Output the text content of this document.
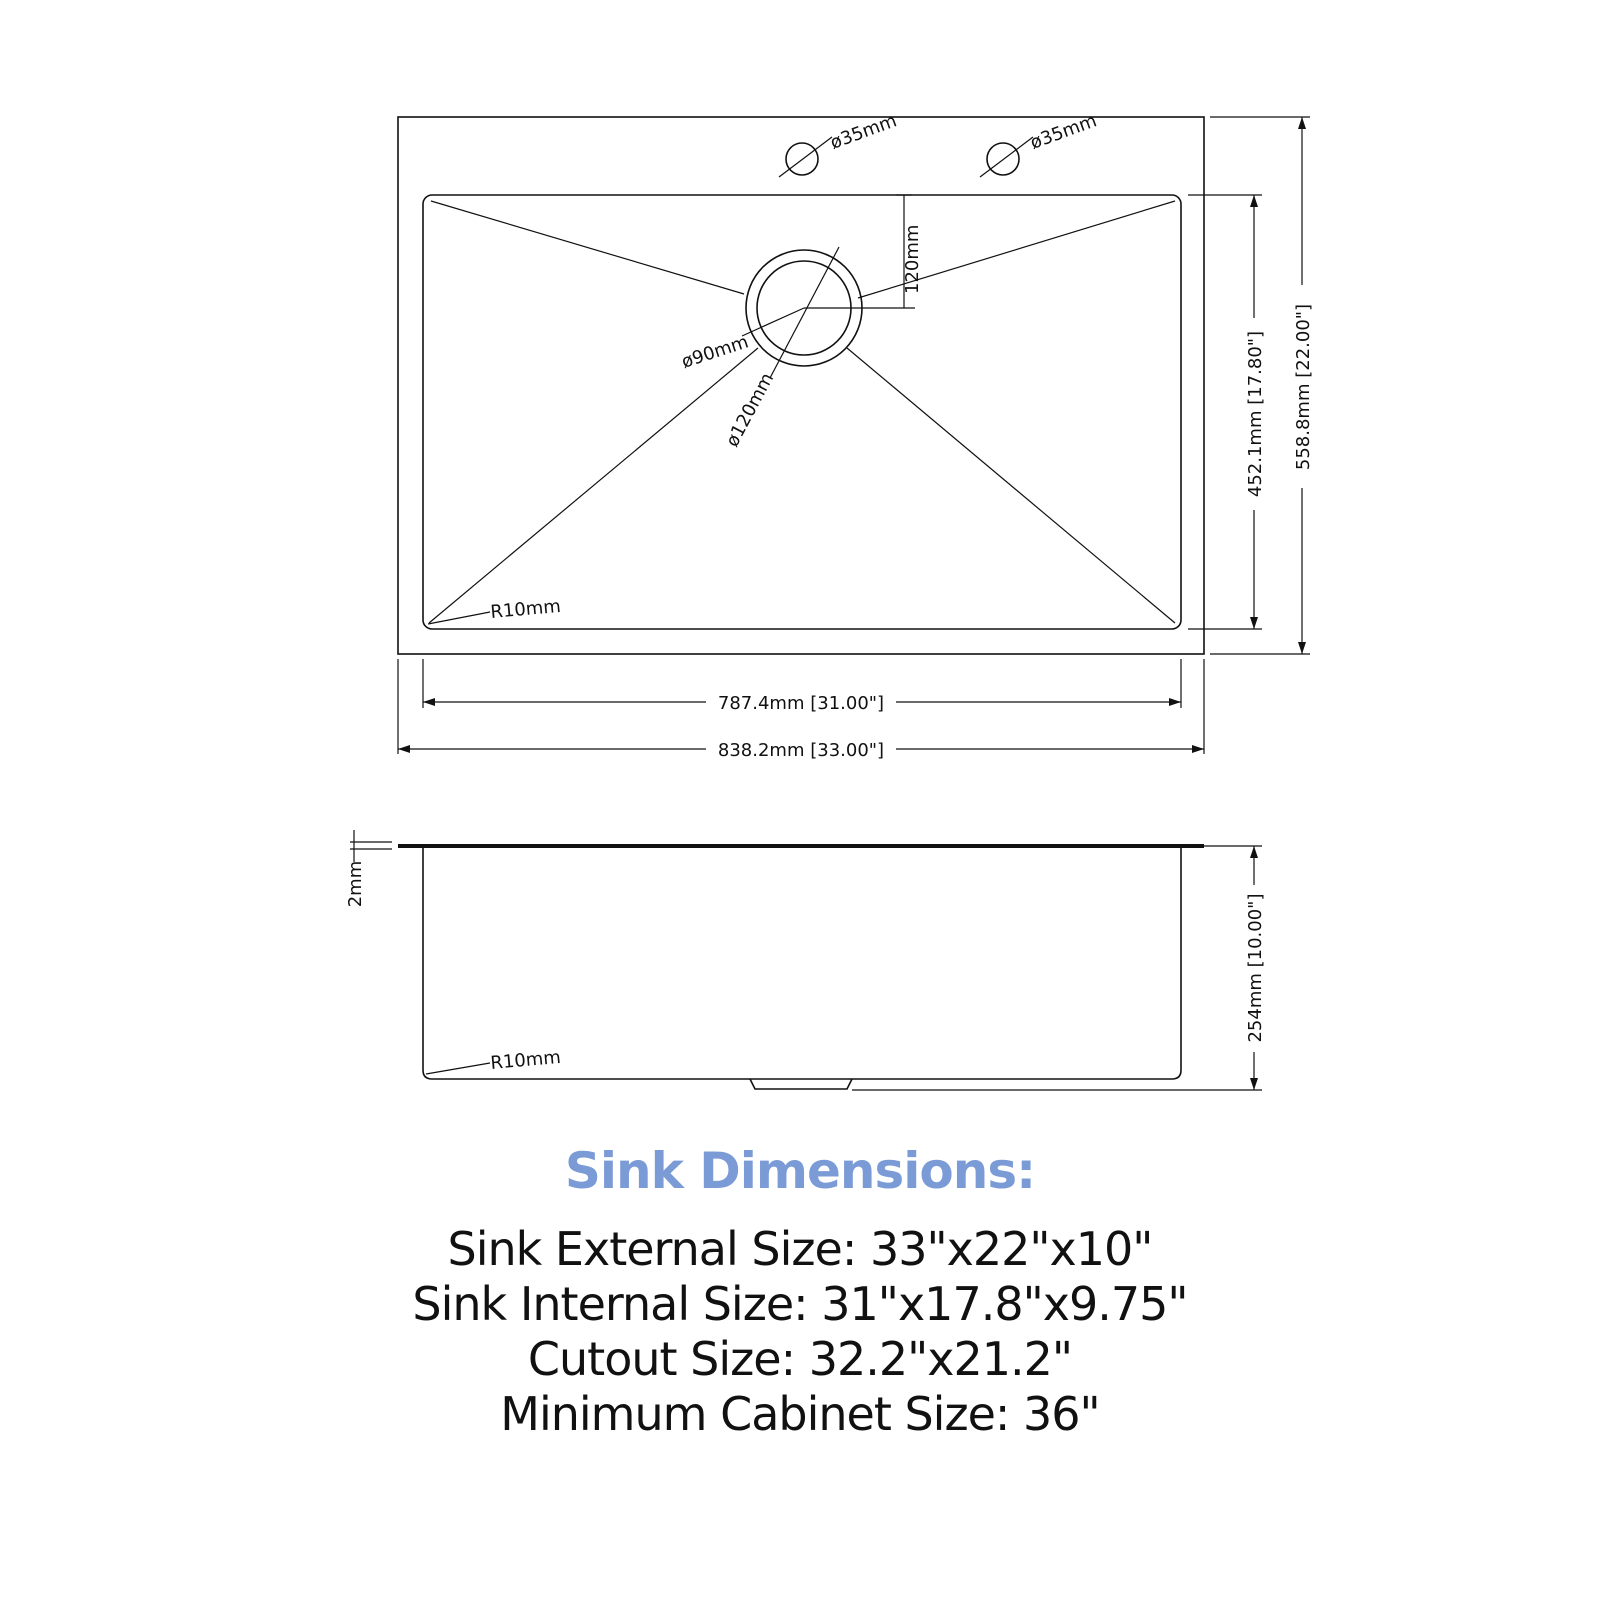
ø35mm	ø35mm
120mm
ø90mm
ø120mm
R10mm
787.4mm [31.00"]
838.2mm [33.00"]
452.1mm [17.80"] 558.8mm [22.00"]
2mm
254mm [10.00"]
R10mm
Sink Dimensions:
Sink External Size: 33"x22"x10"
Sink Internal Size: 31"x17.8"x9.75"
Cutout Size: 32.2"x21.2"
Minimum Cabinet Size: 36"
